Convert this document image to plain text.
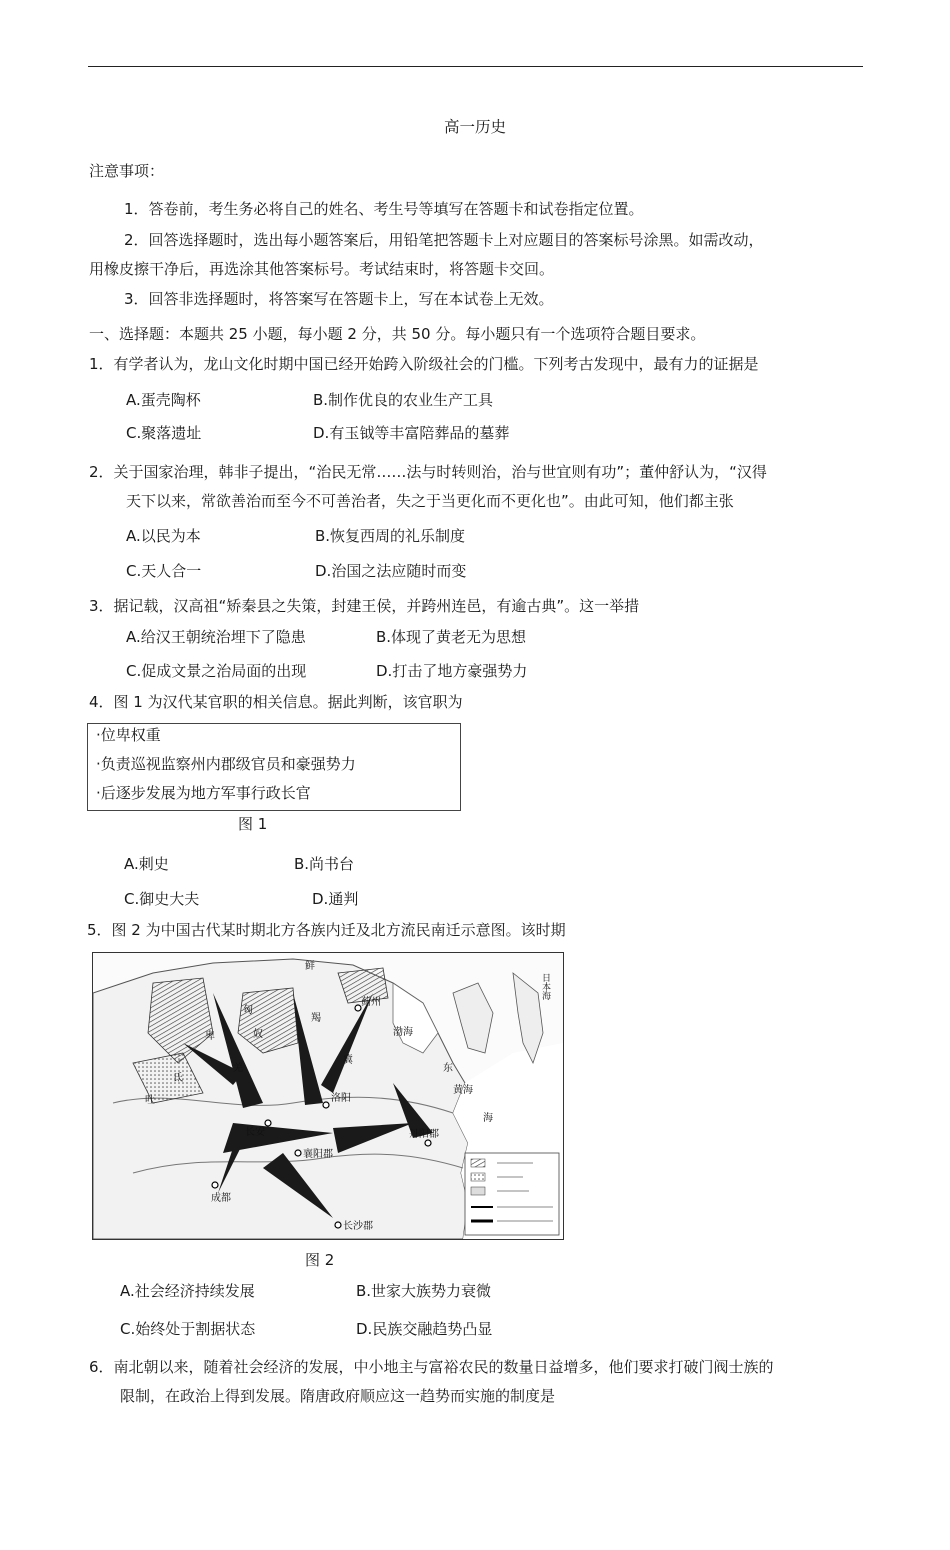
高一历史
注意事项：
1．答卷前，考生务必将自己的姓名、考生号等填写在答题卡和试卷指定位置。
2．回答选择题时，选出每小题答案后，用铅笔把答题卡上对应题目的答案标号涂黑。如需改动，
用橡皮擦干净后，再选涂其他答案标号。考试结束时，将答题卡交回。
3．回答非选择题时，将答案写在答题卡上，写在本试卷上无效。
一、选择题：本题共 25 小题，每小题 2 分，共 50 分。每小题只有一个选项符合题目要求。
1．有学者认为，龙山文化时期中国已经开始跨入阶级社会的门槛。下列考古发现中，最有力的证据是
A.蛋壳陶杯	B.制作优良的农业生产工具
C.聚落遗址	D.有玉钺等丰富陪葬品的墓葬
2．关于国家治理，韩非子提出，“治民无常……法与时转则治，治与世宜则有功”；董仲舒认为，“汉得
天下以来，常欲善治而至今不可善治者，失之于当更化而不更化也”。由此可知，他们都主张
A.以民为本	B.恢复西周的礼乐制度
C.天人合一	D.治国之法应随时而变
3．据记载，汉高祖“矫秦县之失策，封建王侯，并跨州连邑，有逾古典”。这一举措
A.给汉王朝统治埋下了隐患	B.体现了黄老无为思想
C.促成文景之治局面的出现	D.打击了地方豪强势力
4．图 1 为汉代某官职的相关信息。据此判断，该官职为
·位卑权重
·负责巡视监察州内郡级官员和豪强势力
·后逐步发展为地方军事行政长官
图 1
A.刺史	B.尚书台
C.御史大夫	D.通判
5．图 2 为中国古代某时期北方各族内迁及北方流民南迁示意图。该时期
鲜
卑
匈
奴
羯
氐
羌
吐
蓟州
渤海
黄海
东
海
洛阳
长安
襄阳郡
丹阳郡
成都
长沙郡
日本海
冀
图 2
A.社会经济持续发展	B.世家大族势力衰微
C.始终处于割据状态	D.民族交融趋势凸显
6．南北朝以来，随着社会经济的发展，中小地主与富裕农民的数量日益增多，他们要求打破门阀士族的
限制，在政治上得到发展。隋唐政府顺应这一趋势而实施的制度是
